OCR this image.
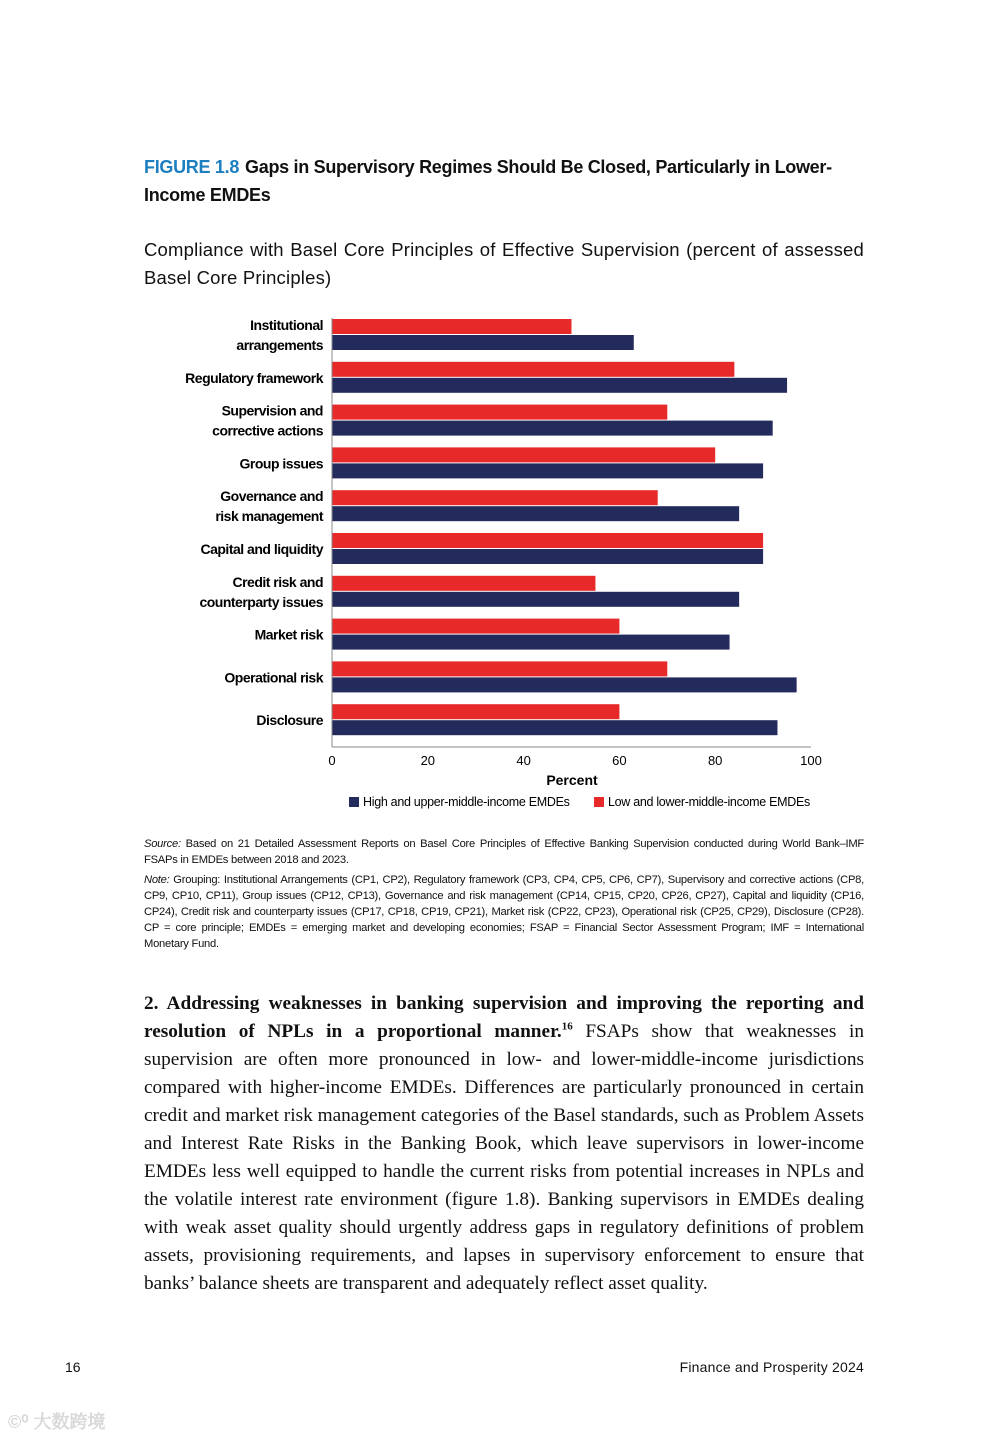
FIGURE 1.8 Gaps in Supervisory Regimes Should Be Closed, Particularly in Lower-Income EMDEs
Compliance with Basel Core Principles of Effective Supervision (percent of assessed Basel Core Principles)
Institutional
arrangements
Regulatory framework
Supervision and
corrective actions
Group issues
Governance and
risk management
Capital and liquidity
Credit risk and
counterparty issues
Market risk
Operational risk
Disclosure
0	20	40	60	80	100
Percent
High and upper-middle-income EMDEs	Low and lower-middle-income EMDEs

Source: Based on 21 Detailed Assessment Reports on Basel Core Principles of Effective Banking Supervision conducted during World Bank–IMF FSAPs in EMDEs between 2018 and 2023.

Note: Grouping: Institutional Arrangements (CP1, CP2), Regulatory framework (CP3, CP4, CP5, CP6, CP7), Supervisory and corrective actions (CP8, CP9, CP10, CP11), Group issues (CP12, CP13), Governance and risk management (CP14, CP15, CP20, CP26, CP27), Capital and liquidity (CP16, CP24), Credit risk and counterparty issues (CP17, CP18, CP19, CP21), Market risk (CP22, CP23), Operational risk (CP25, CP29), Disclosure (CP28). CP = core principle; EMDEs = emerging market and developing economies; FSAP = Financial Sector Assessment Program; IMF = International Monetary Fund.

2. Addressing weaknesses in banking supervision and improving the reporting and resolution of NPLs in a proportional manner.$^{16}$ FSAPs show that weaknesses in supervision are often more pronounced in low- and lower-middle-income jurisdictions compared with higher-income EMDEs. Differences are particularly pronounced in certain credit and market risk management categories of the Basel standards, such as Problem Assets and Interest Rate Risks in the Banking Book, which leave supervisors in lower-income EMDEs less well equipped to handle the current risks from potential increases in NPLs and the volatile interest rate environment (figure 1.8). Banking supervisors in EMDEs dealing with weak asset quality should urgently address gaps in regulatory definitions of problem assets, provisioning requirements, and lapses in supervisory enforcement to ensure that banks’ balance sheets are transparent and adequately reflect asset quality.
16	Finance and Prosperity 2024
©⁰ 大数跨境
